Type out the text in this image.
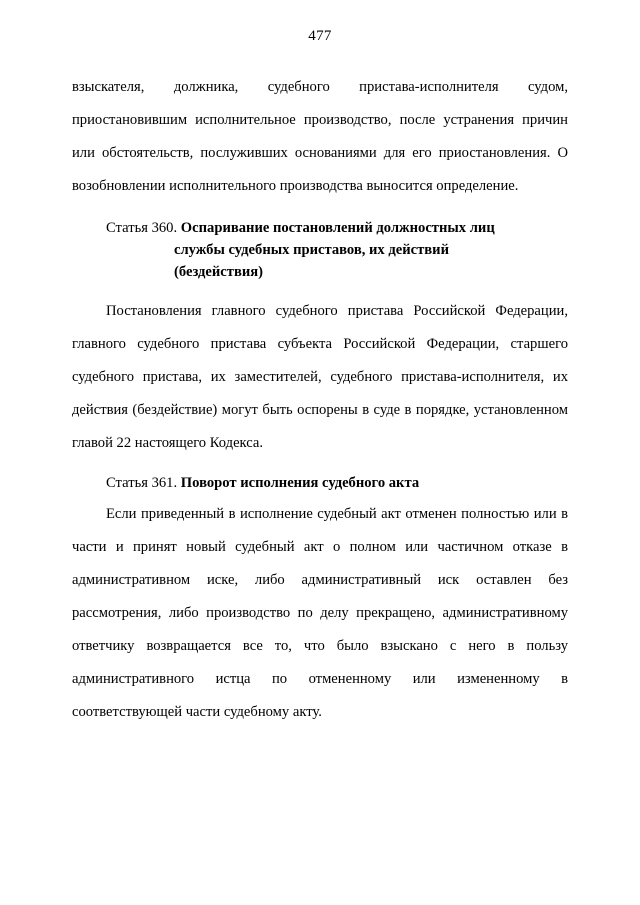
477

взыскателя, должника, судебного пристава-исполнителя судом, приостановившим исполнительное производство, после устранения причин или обстоятельств, послуживших основаниями для его приостановления. О возобновлении исполнительного производства выносится определение.

Статья 360. Оспаривание постановлений должностных лиц
службы судебных приставов, их действий
(бездействия)

Постановления главного судебного пристава Российской Федерации, главного судебного пристава субъекта Российской Федерации, старшего судебного пристава, их заместителей, судебного пристава-исполнителя, их действия (бездействие) могут быть оспорены в суде в порядке, установленном главой 22 настоящего Кодекса.

Статья 361. Поворот исполнения судебного акта

Если приведенный в исполнение судебный акт отменен полностью или в части и принят новый судебный акт о полном или частичном отказе в административном иске, либо административный иск оставлен без рассмотрения, либо производство по делу прекращено, административному ответчику возвращается все то, что было взыскано с него в пользу административного истца по отмененному или измененному в соответствующей части судебному акту.
